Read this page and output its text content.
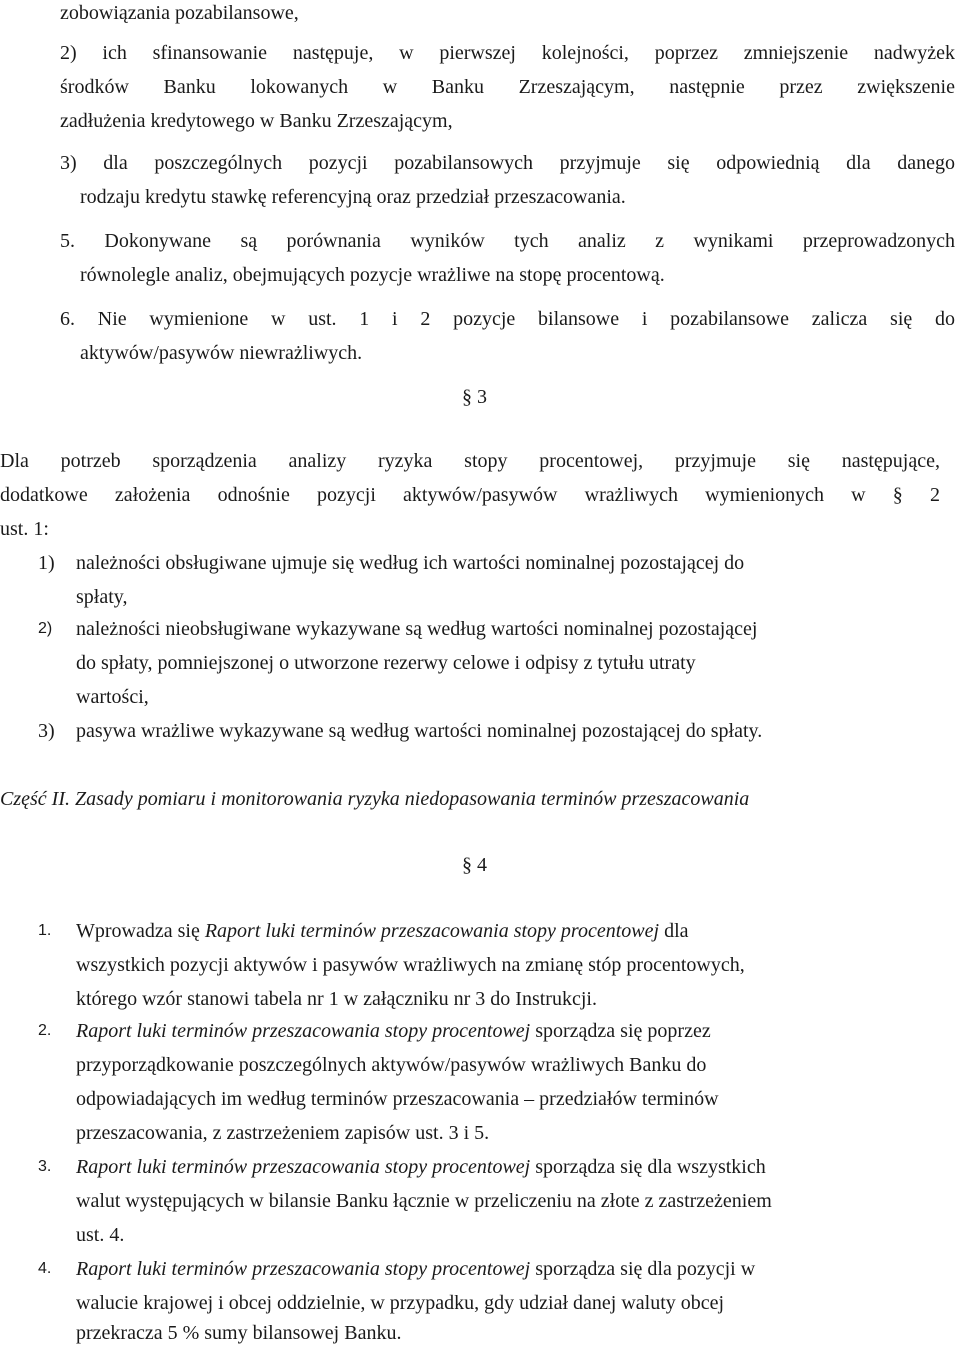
zobowiązania pozabilansowe,
2) ich sfinansowanie następuje, w pierwszej kolejności, poprzez zmniejszenie nadwyżek
środków Banku lokowanych w Banku Zrzeszającym, następnie przez zwiększenie
zadłużenia kredytowego w Banku Zrzeszającym,
3) dla poszczególnych pozycji pozabilansowych przyjmuje się odpowiednią dla danego
rodzaju kredytu stawkę referencyjną oraz przedział przeszacowania.
5. Dokonywane są porównania wyników tych analiz z wynikami przeprowadzonych
równolegle analiz, obejmujących pozycje wrażliwe na stopę procentową.
6. Nie wymienione w ust. 1 i 2 pozycje bilansowe i pozabilansowe zalicza się do
aktywów/pasywów niewrażliwych.
§ 3
Dla potrzeb sporządzenia analizy ryzyka stopy procentowej, przyjmuje się następujące,
dodatkowe założenia odnośnie pozycji aktywów/pasywów wrażliwych wymienionych w § 2
ust. 1:
1) należności obsługiwane ujmuje się według ich wartości nominalnej pozostającej do
spłaty,
2) należności nieobsługiwane wykazywane są według wartości nominalnej pozostającej
do spłaty, pomniejszonej o utworzone rezerwy celowe i odpisy z tytułu utraty
wartości,
3) pasywa wrażliwe wykazywane są według wartości nominalnej pozostającej do spłaty.
Część II. Zasady pomiaru i monitorowania ryzyka niedopasowania terminów przeszacowania
§ 4
1. Wprowadza się Raport luki terminów przeszacowania stopy procentowej dla
wszystkich pozycji aktywów i pasywów wrażliwych na zmianę stóp procentowych,
którego wzór stanowi tabela nr 1 w załączniku nr 3 do Instrukcji.
2. Raport luki terminów przeszacowania stopy procentowej sporządza się poprzez
przyporządkowanie poszczególnych aktywów/pasywów wrażliwych Banku do
odpowiadających im według terminów przeszacowania – przedziałów terminów
przeszacowania, z zastrzeżeniem zapisów ust. 3 i 5.
3. Raport luki terminów przeszacowania stopy procentowej sporządza się dla wszystkich
walut występujących w bilansie Banku łącznie w przeliczeniu na złote z zastrzeżeniem
ust. 4.
4. Raport luki terminów przeszacowania stopy procentowej sporządza się dla pozycji w
walucie krajowej i obcej oddzielnie, w przypadku, gdy udział danej waluty obcej
przekracza 5 % sumy bilansowej Banku.
